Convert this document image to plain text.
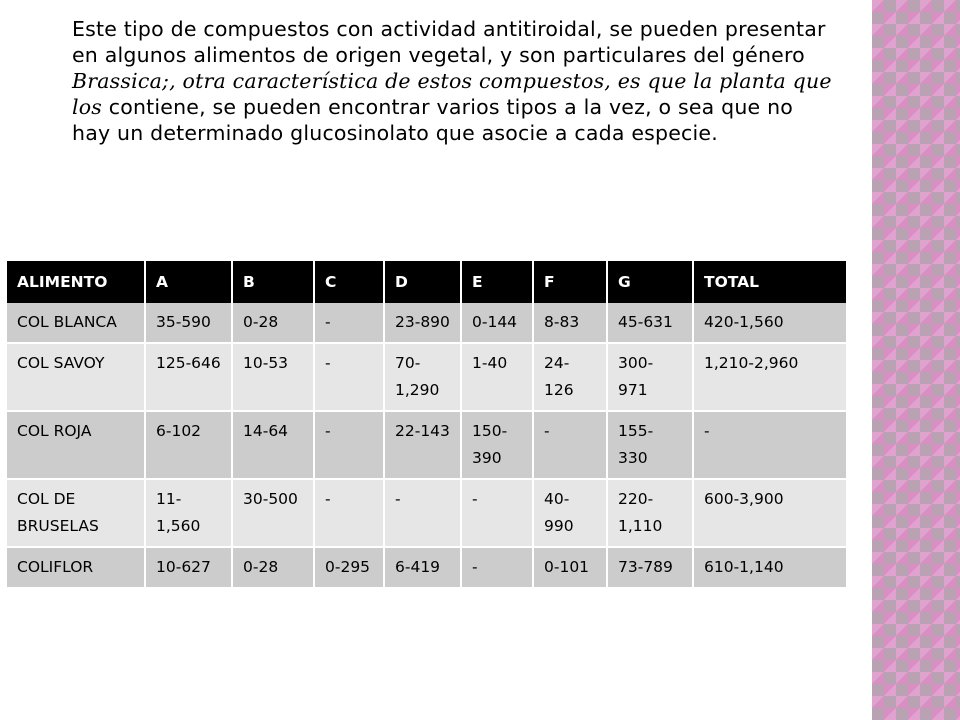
Este tipo de compuestos con actividad antitiroidal, se pueden presentar en algunos alimentos de origen vegetal, y son particulares del género Brassica;, otra característica de estos compuestos, es que la planta que los contiene, se pueden encontrar varios tipos a la vez, o sea que no hay un determinado glucosinolato que asocie a cada especie.

ALIMENTO	A	B	C	D	E	F	G	TOTAL
COL BLANCA	35-590	0-28	-	23-890	0-144	8-83	45-631	420-1,560
COL SAVOY	125-646	10-53	-	70-1,290	1-40	24-126	300-971	1,210-2,960
COL ROJA	6-102	14-64	-	22-143	150-390	-	155-330	-
COL DE BRUSELAS	11-1,560	30-500	-	-	-	40-990	220-1,110	600-3,900
COLIFLOR	10-627	0-28	0-295	6-419	-	0-101	73-789	610-1,140
